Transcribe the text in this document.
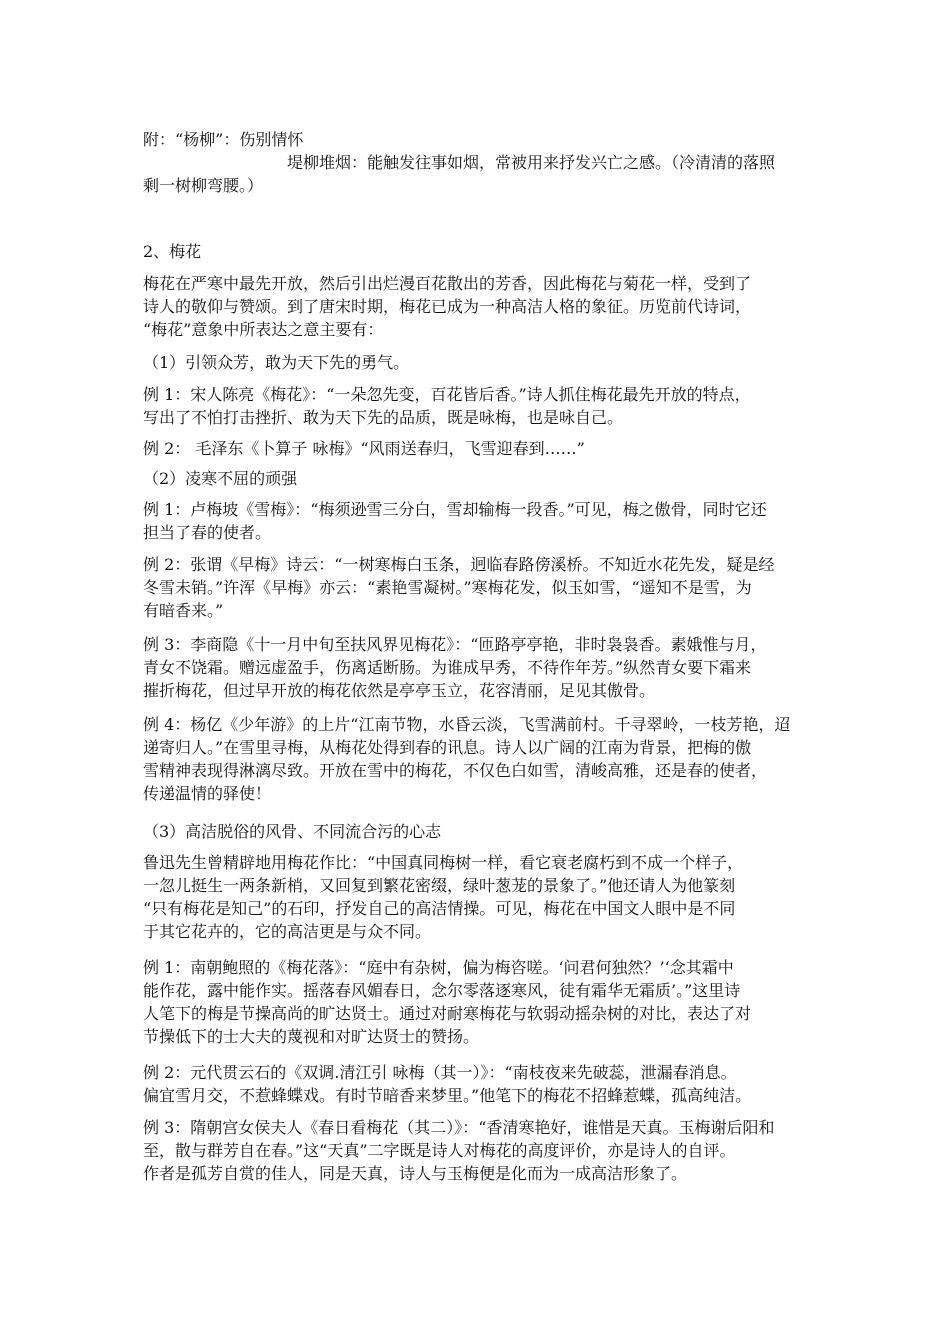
附：“杨柳”：伤别情怀

堤柳堆烟：能触发往事如烟，常被用来抒发兴亡之感。（冷清清的落照
剩一树柳弯腰。）

2、梅花

梅花在严寒中最先开放，然后引出烂漫百花散出的芳香，因此梅花与菊花一样，受到了
诗人的敬仰与赞颂。到了唐宋时期，梅花已成为一种高洁人格的象征。历览前代诗词，
“梅花”意象中所表达之意主要有：

（1）引领众芳，敢为天下先的勇气。

例 1：宋人陈亮《梅花》：“一朵忽先变，百花皆后香。”诗人抓住梅花最先开放的特点，
写出了不怕打击挫折、敢为天下先的品质，既是咏梅，也是咏自己。

例 2： 毛泽东《卜算子 咏梅》“风雨送春归，飞雪迎春到……”

（2）凌寒不屈的顽强

例 1：卢梅坡《雪梅》：“梅须逊雪三分白，雪却输梅一段香。”可见，梅之傲骨，同时它还
担当了春的使者。

例 2：张谓《早梅》诗云：“一树寒梅白玉条，迥临春路傍溪桥。不知近水花先发，疑是经
冬雪未销。”许浑《早梅》亦云：“素艳雪凝树。”寒梅花发，似玉如雪，“遥知不是雪，为
有暗香来。”

例 3：李商隐《十一月中旬至扶风界见梅花》：“匝路亭亭艳，非时袅袅香。素娥惟与月，
青女不饶霜。赠远虚盈手，伤离适断肠。为谁成早秀，不待作年芳。”纵然青女要下霜来
摧折梅花，但过早开放的梅花依然是亭亭玉立，花容清丽，足见其傲骨。

例 4：杨亿《少年游》的上片“江南节物，水昏云淡，飞雪满前村。千寻翠岭，一枝芳艳，迢
递寄归人。”在雪里寻梅，从梅花处得到春的讯息。诗人以广阔的江南为背景，把梅的傲
雪精神表现得淋漓尽致。开放在雪中的梅花，不仅色白如雪，清峻高雅，还是春的使者，
传递温情的驿使！

（3）高洁脱俗的风骨、不同流合污的心志

鲁迅先生曾精辟地用梅花作比：“中国真同梅树一样，看它衰老腐朽到不成一个样子，
一忽儿挺生一两条新梢，又回复到繁花密缀，绿叶葱茏的景象了。”他还请人为他篆刻
“只有梅花是知己”的石印，抒发自己的高洁情操。可见，梅花在中国文人眼中是不同
于其它花卉的，它的高洁更是与众不同。

例 1：南朝鲍照的《梅花落》：“庭中有杂树，偏为梅咨嗟。‘问君何独然？’‘念其霜中
能作花，露中能作实。摇落春风媚春日，念尔零落逐寒风，徒有霜华无霜质’。”这里诗
人笔下的梅是节操高尚的旷达贤士。通过对耐寒梅花与软弱动摇杂树的对比，表达了对
节操低下的士大夫的蔑视和对旷达贤士的赞扬。

例 2：元代贯云石的《双调.清江引 咏梅（其一）》：“南枝夜来先破蕊，泄漏春消息。
偏宜雪月交，不惹蜂蝶戏。有时节暗香来梦里。”他笔下的梅花不招蜂惹蝶，孤高纯洁。

例 3：隋朝宫女侯夫人《春日看梅花（其二）》：“香清寒艳好，谁惜是天真。玉梅谢后阳和
至，散与群芳自在春。”这“天真”二字既是诗人对梅花的高度评价，亦是诗人的自评。
作者是孤芳自赏的佳人，同是天真，诗人与玉梅便是化而为一成高洁形象了。
